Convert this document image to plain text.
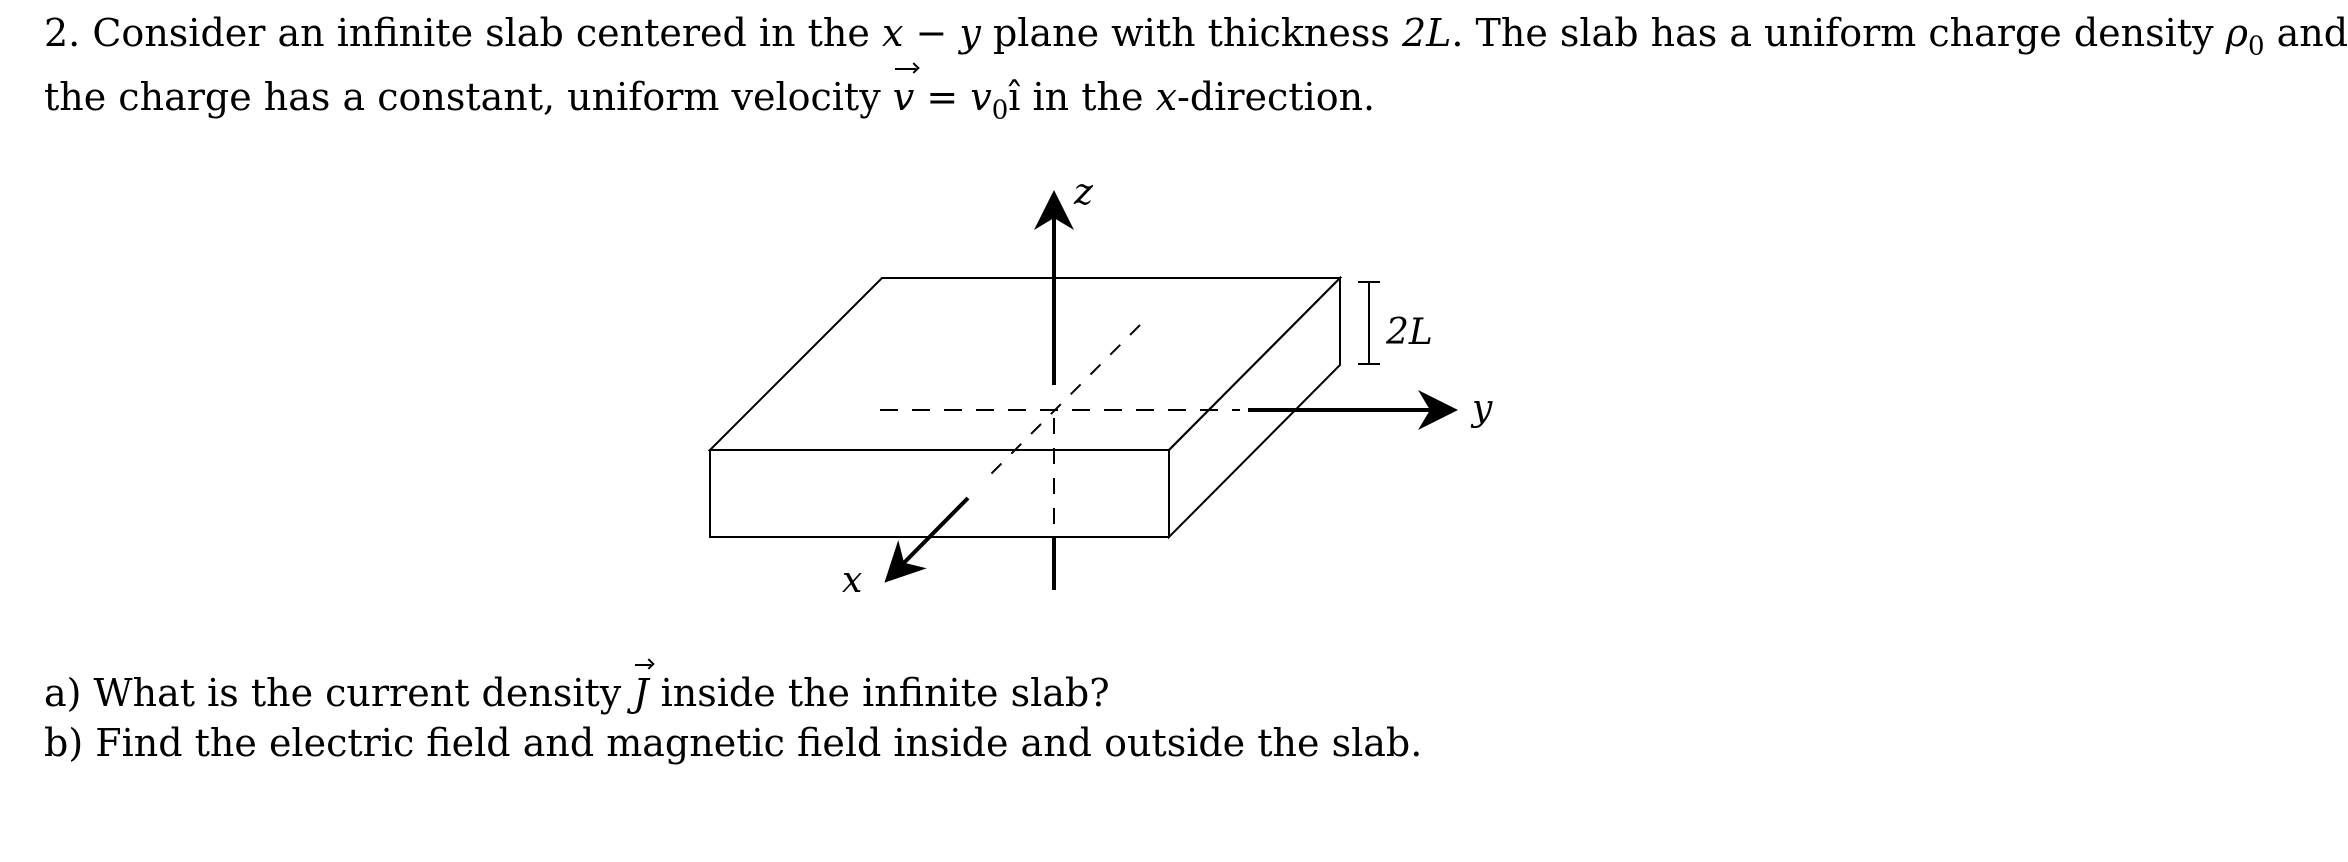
2. Consider an infinite slab centered in the x − y plane with thickness 2L. The slab has a uniform charge density $\rho_0$ and
the charge has a constant, uniform velocity $v = v_0î$ in the x-direction.
z
y
x
2L
a) What is the current density J inside the infinite slab?
b) Find the electric field and magnetic field inside and outside the slab.
